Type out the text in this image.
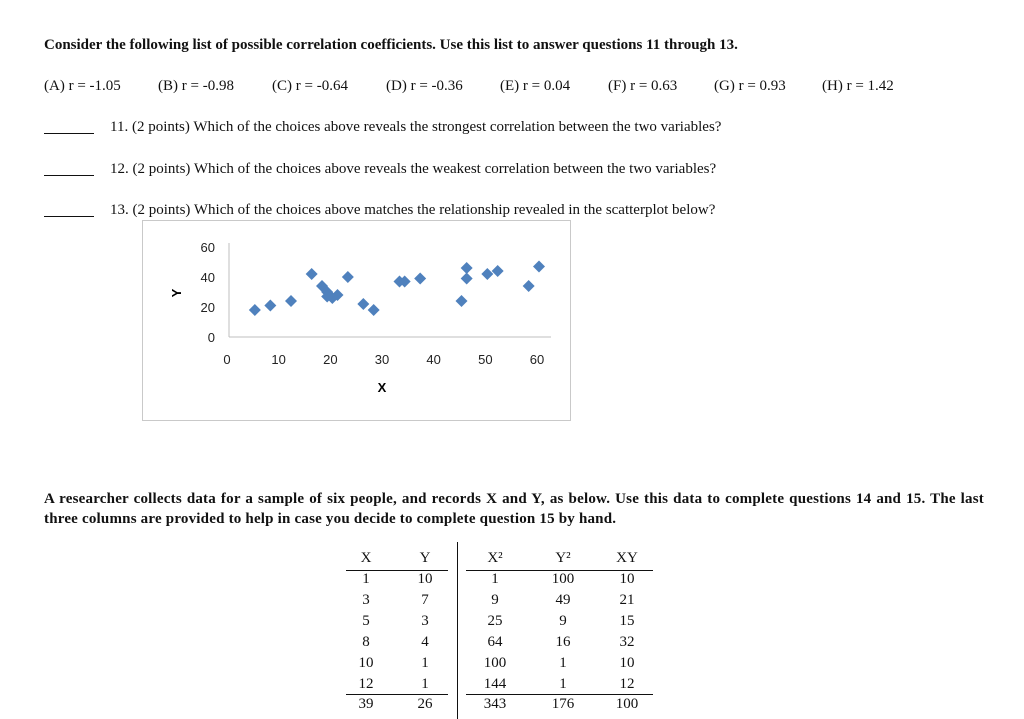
Consider the following list of possible correlation coefficients. Use this list to answer questions 11 through 13.
(A) r = -1.05 (B) r = -0.98	(C) r = -0.64	(D) r = -0.36 (E) r = 0.04	(F) r = 0.63 (G) r = 0.93 (H) r = 1.42
11. (2 points) Which of the choices above reveals the strongest correlation between the two variables?
12. (2 points) Which of the choices above reveals the weakest correlation between the two variables?
13. (2 points) Which of the choices above matches the relationship revealed in the scatterplot below?
Y
X
0
20
40
60
0	10	20	30	40	50	60
A researcher collects data for a sample of six people, and records X and Y, as below. Use this data to complete questions 14 and 15. The last three columns are provided to help in case you decide to complete question 15 by hand.
X	Y	X²	Y²	XY
1	10	1	100	10
3	7	9	49	21
5	3	25	9	15
8	4	64	16	32
10	1	100	1	10
12	1	144	1	12
39	26	343	176	100
